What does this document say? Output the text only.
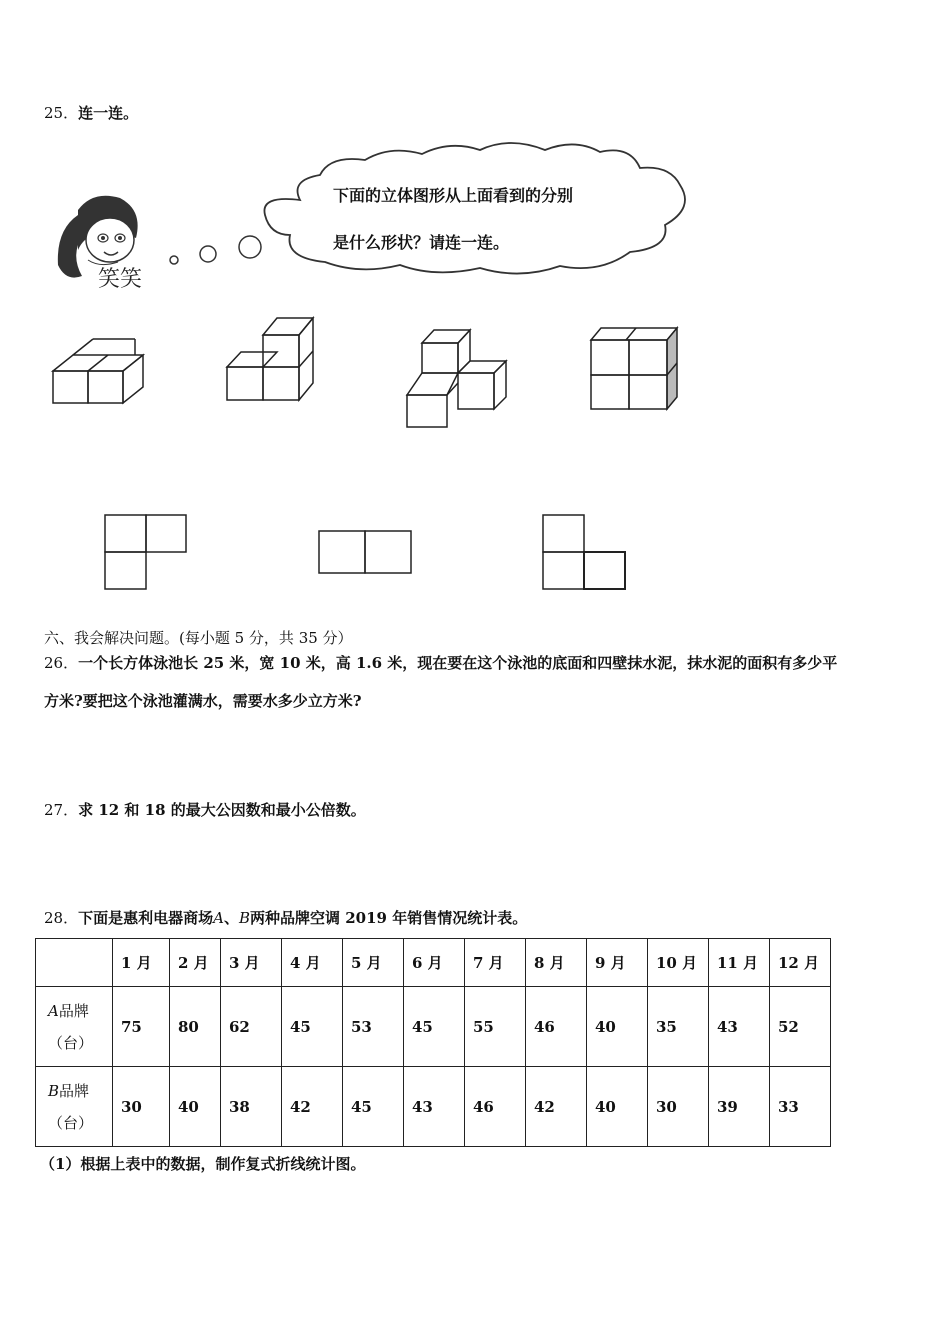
25．连一连。
笑笑
下面的立体图形从上面看到的分别
是什么形状？请连一连。
六、我会解决问题。(每小题 5 分，共 35 分）
26．一个长方体泳池长 25 米，宽 10 米，高 1.6 米，现在要在这个泳池的底面和四壁抹水泥，抹水泥的面积有多少平
方米?要把这个泳池灌满水，需要水多少立方米?
27．求 12 和 18 的最大公因数和最小公倍数。
28．下面是惠利电器商场A、B两种品牌空调 2019 年销售情况统计表。
	1 月	2 月	3 月	4 月	5 月	6 月	7 月	8 月	9 月	10 月	11 月	12 月
A品牌
（台）	75	80	62	45	53	45	55	46	40	35	43	52
B品牌
（台）	30	40	38	42	45	43	46	42	40	30	39	33
（1）根据上表中的数据，制作复式折线统计图。
